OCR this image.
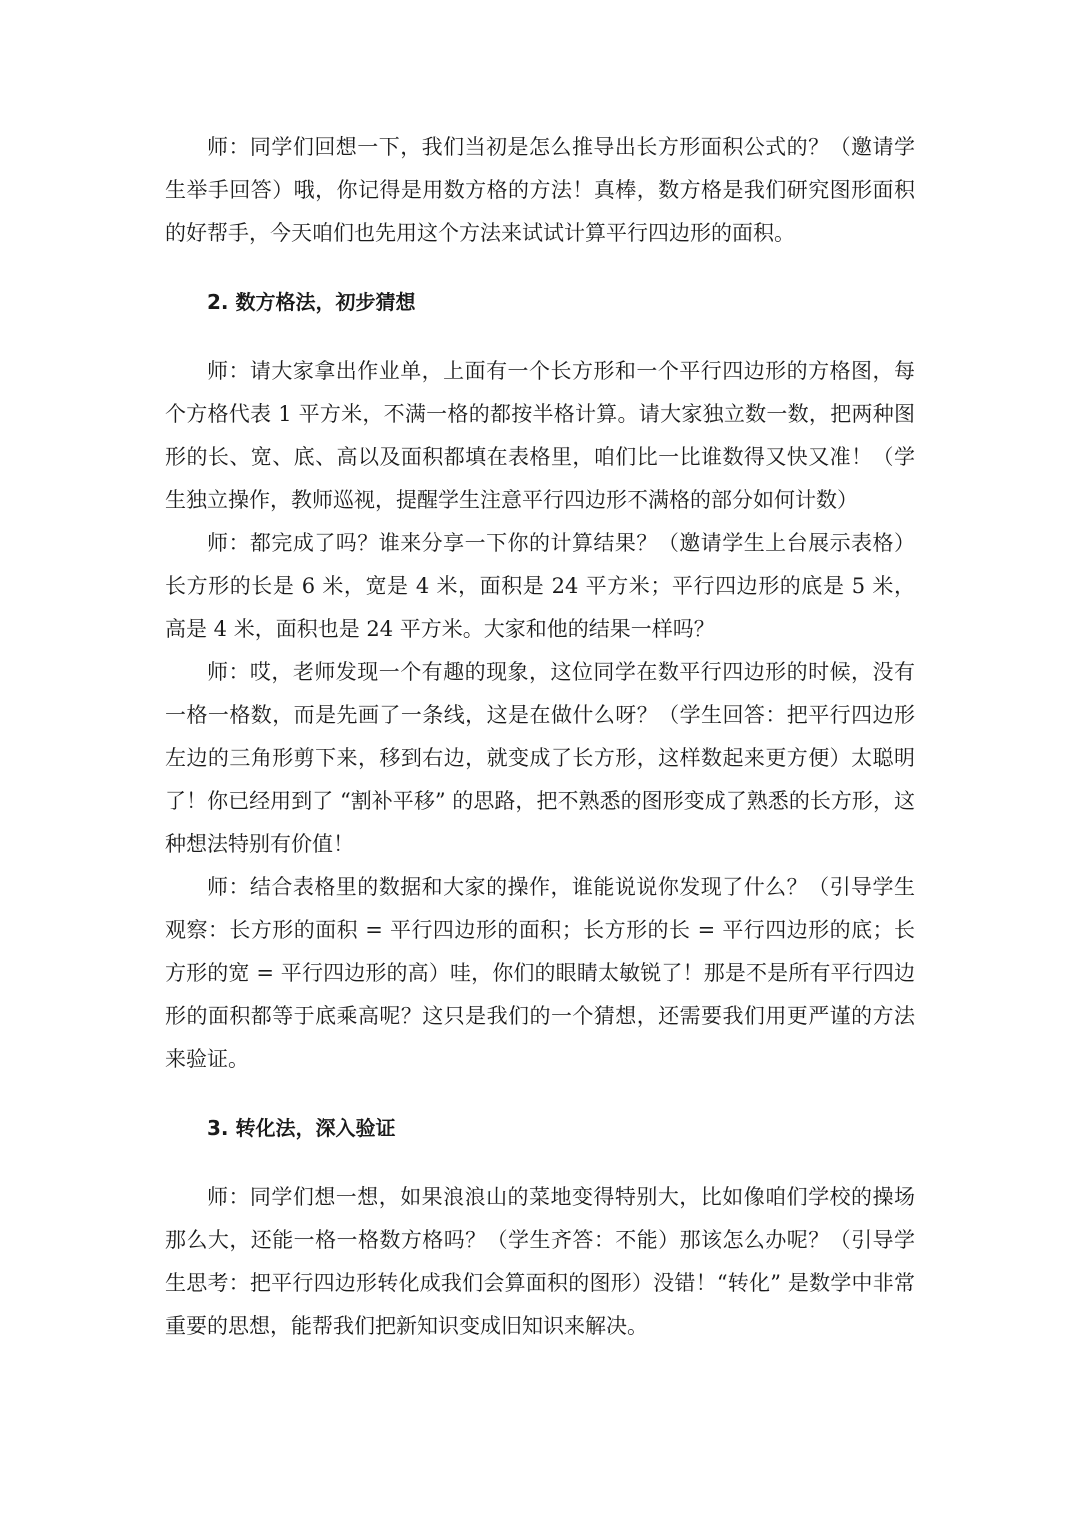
师：同学们回想一下，我们当初是怎么推导出长方形面积公式的？（邀请学生举手回答）哦，你记得是用数方格的方法！真棒，数方格是我们研究图形面积的好帮手，今天咱们也先用这个方法来试试计算平行四边形的面积。

2. 数方格法，初步猜想

师：请大家拿出作业单，上面有一个长方形和一个平行四边形的方格图，每个方格代表 1 平方米，不满一格的都按半格计算。请大家独立数一数，把两种图形的长、宽、底、高以及面积都填在表格里，咱们比一比谁数得又快又准！（学生独立操作，教师巡视，提醒学生注意平行四边形不满格的部分如何计数）

师：都完成了吗？谁来分享一下你的计算结果？（邀请学生上台展示表格）长方形的长是 6 米，宽是 4 米，面积是 24 平方米；平行四边形的底是 5 米，高是 4 米，面积也是 24 平方米。大家和他的结果一样吗？

师：哎，老师发现一个有趣的现象，这位同学在数平行四边形的时候，没有一格一格数，而是先画了一条线，这是在做什么呀？（学生回答：把平行四边形左边的三角形剪下来，移到右边，就变成了长方形，这样数起来更方便）太聪明了！你已经用到了 “割补平移” 的思路，把不熟悉的图形变成了熟悉的长方形，这种想法特别有价值！

师：结合表格里的数据和大家的操作，谁能说说你发现了什么？（引导学生观察：长方形的面积 = 平行四边形的面积；长方形的长 = 平行四边形的底；长方形的宽 = 平行四边形的高）哇，你们的眼睛太敏锐了！那是不是所有平行四边形的面积都等于底乘高呢？这只是我们的一个猜想，还需要我们用更严谨的方法来验证。

3. 转化法，深入验证

师：同学们想一想，如果浪浪山的菜地变得特别大，比如像咱们学校的操场那么大，还能一格一格数方格吗？（学生齐答：不能）那该怎么办呢？（引导学生思考：把平行四边形转化成我们会算面积的图形）没错！“转化” 是数学中非常重要的思想，能帮我们把新知识变成旧知识来解决。
